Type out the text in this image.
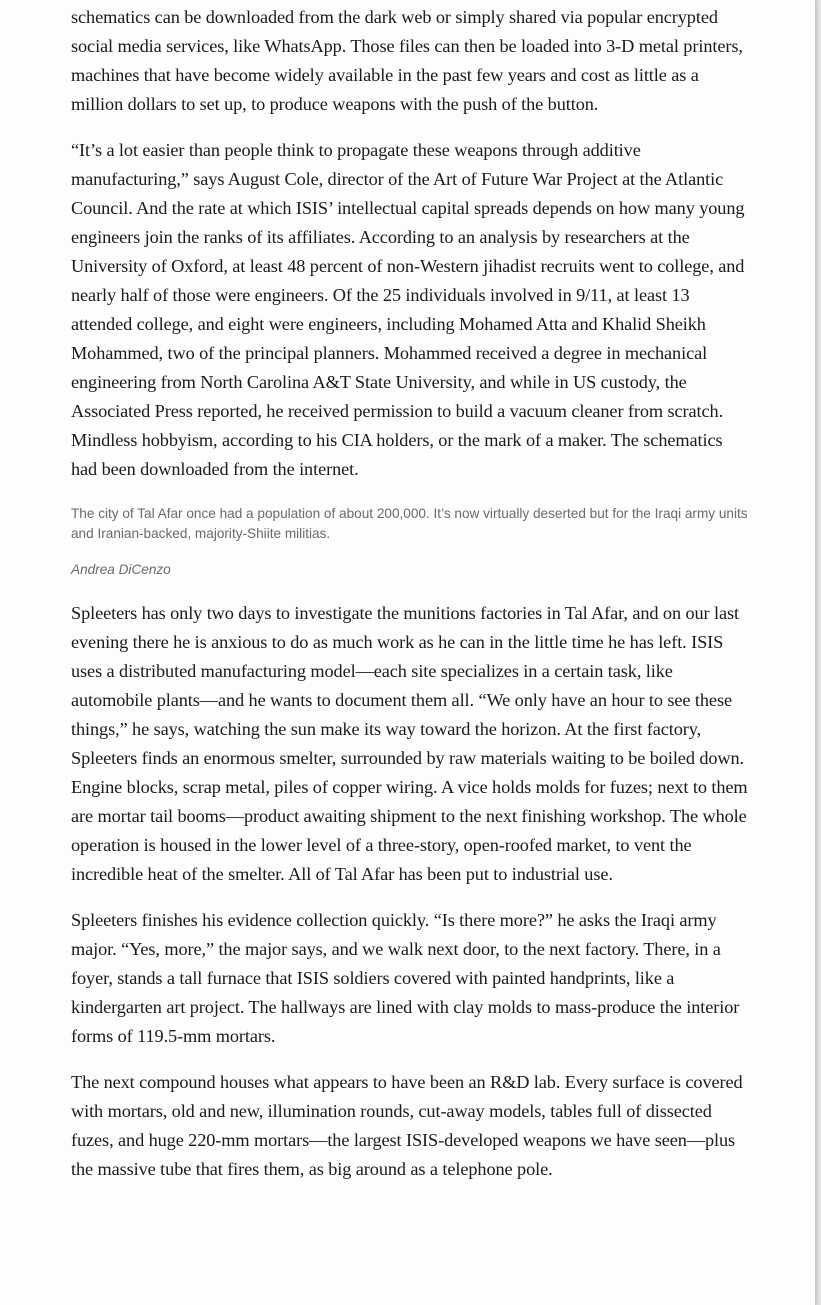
schematics can be downloaded from the dark web or simply shared via popular encrypted social media services, like WhatsApp. Those files can then be loaded into 3-D metal printers, machines that have become widely available in the past few years and cost as little as a million dollars to set up, to produce weapons with the push of the button.

“It’s a lot easier than people think to propagate these weapons through additive manufacturing,” says August Cole, director of the Art of Future War Project at the Atlantic Council. And the rate at which ISIS’ intellectual capital spreads depends on how many young engineers join the ranks of its affiliates. According to an analysis by researchers at the University of Oxford, at least 48 percent of non-Western jihadist recruits went to college, and nearly half of those were engineers. Of the 25 individuals involved in 9/11, at least 13 attended college, and eight were engineers, including Mohamed Atta and Khalid Sheikh Mohammed, two of the principal planners. Mohammed received a degree in mechanical engineering from North Carolina A&T State University, and while in US custody, the Associated Press reported, he received permission to build a vacuum cleaner from scratch. Mindless hobbyism, according to his CIA holders, or the mark of a maker. The schematics had been downloaded from the internet.

The city of Tal Afar once had a population of about 200,000. It’s now virtually deserted but for the Iraqi army units and Iranian-backed, majority-Shiite militias.

Andrea DiCenzo

Spleeters has only two days to investigate the munitions factories in Tal Afar, and on our last evening there he is anxious to do as much work as he can in the little time he has left. ISIS uses a distributed manufacturing model—each site specializes in a certain task, like automobile plants—and he wants to document them all. “We only have an hour to see these things,” he says, watching the sun make its way toward the horizon. At the first factory, Spleeters finds an enormous smelter, surrounded by raw materials waiting to be boiled down. Engine blocks, scrap metal, piles of copper wiring. A vice holds molds for fuzes; next to them are mortar tail booms—product awaiting shipment to the next finishing workshop. The whole operation is housed in the lower level of a three-story, open-roofed market, to vent the incredible heat of the smelter. All of Tal Afar has been put to industrial use.

Spleeters finishes his evidence collection quickly. “Is there more?” he asks the Iraqi army major. “Yes, more,” the major says, and we walk next door, to the next factory. There, in a foyer, stands a tall furnace that ISIS soldiers covered with painted handprints, like a kindergarten art project. The hallways are lined with clay molds to mass-produce the interior forms of 119.5-mm mortars.

The next compound houses what appears to have been an R&D lab. Every surface is covered with mortars, old and new, illumination rounds, cut-away models, tables full of dissected fuzes, and huge 220-mm mortars—the largest ISIS-developed weapons we have seen—plus the massive tube that fires them, as big around as a telephone pole.
